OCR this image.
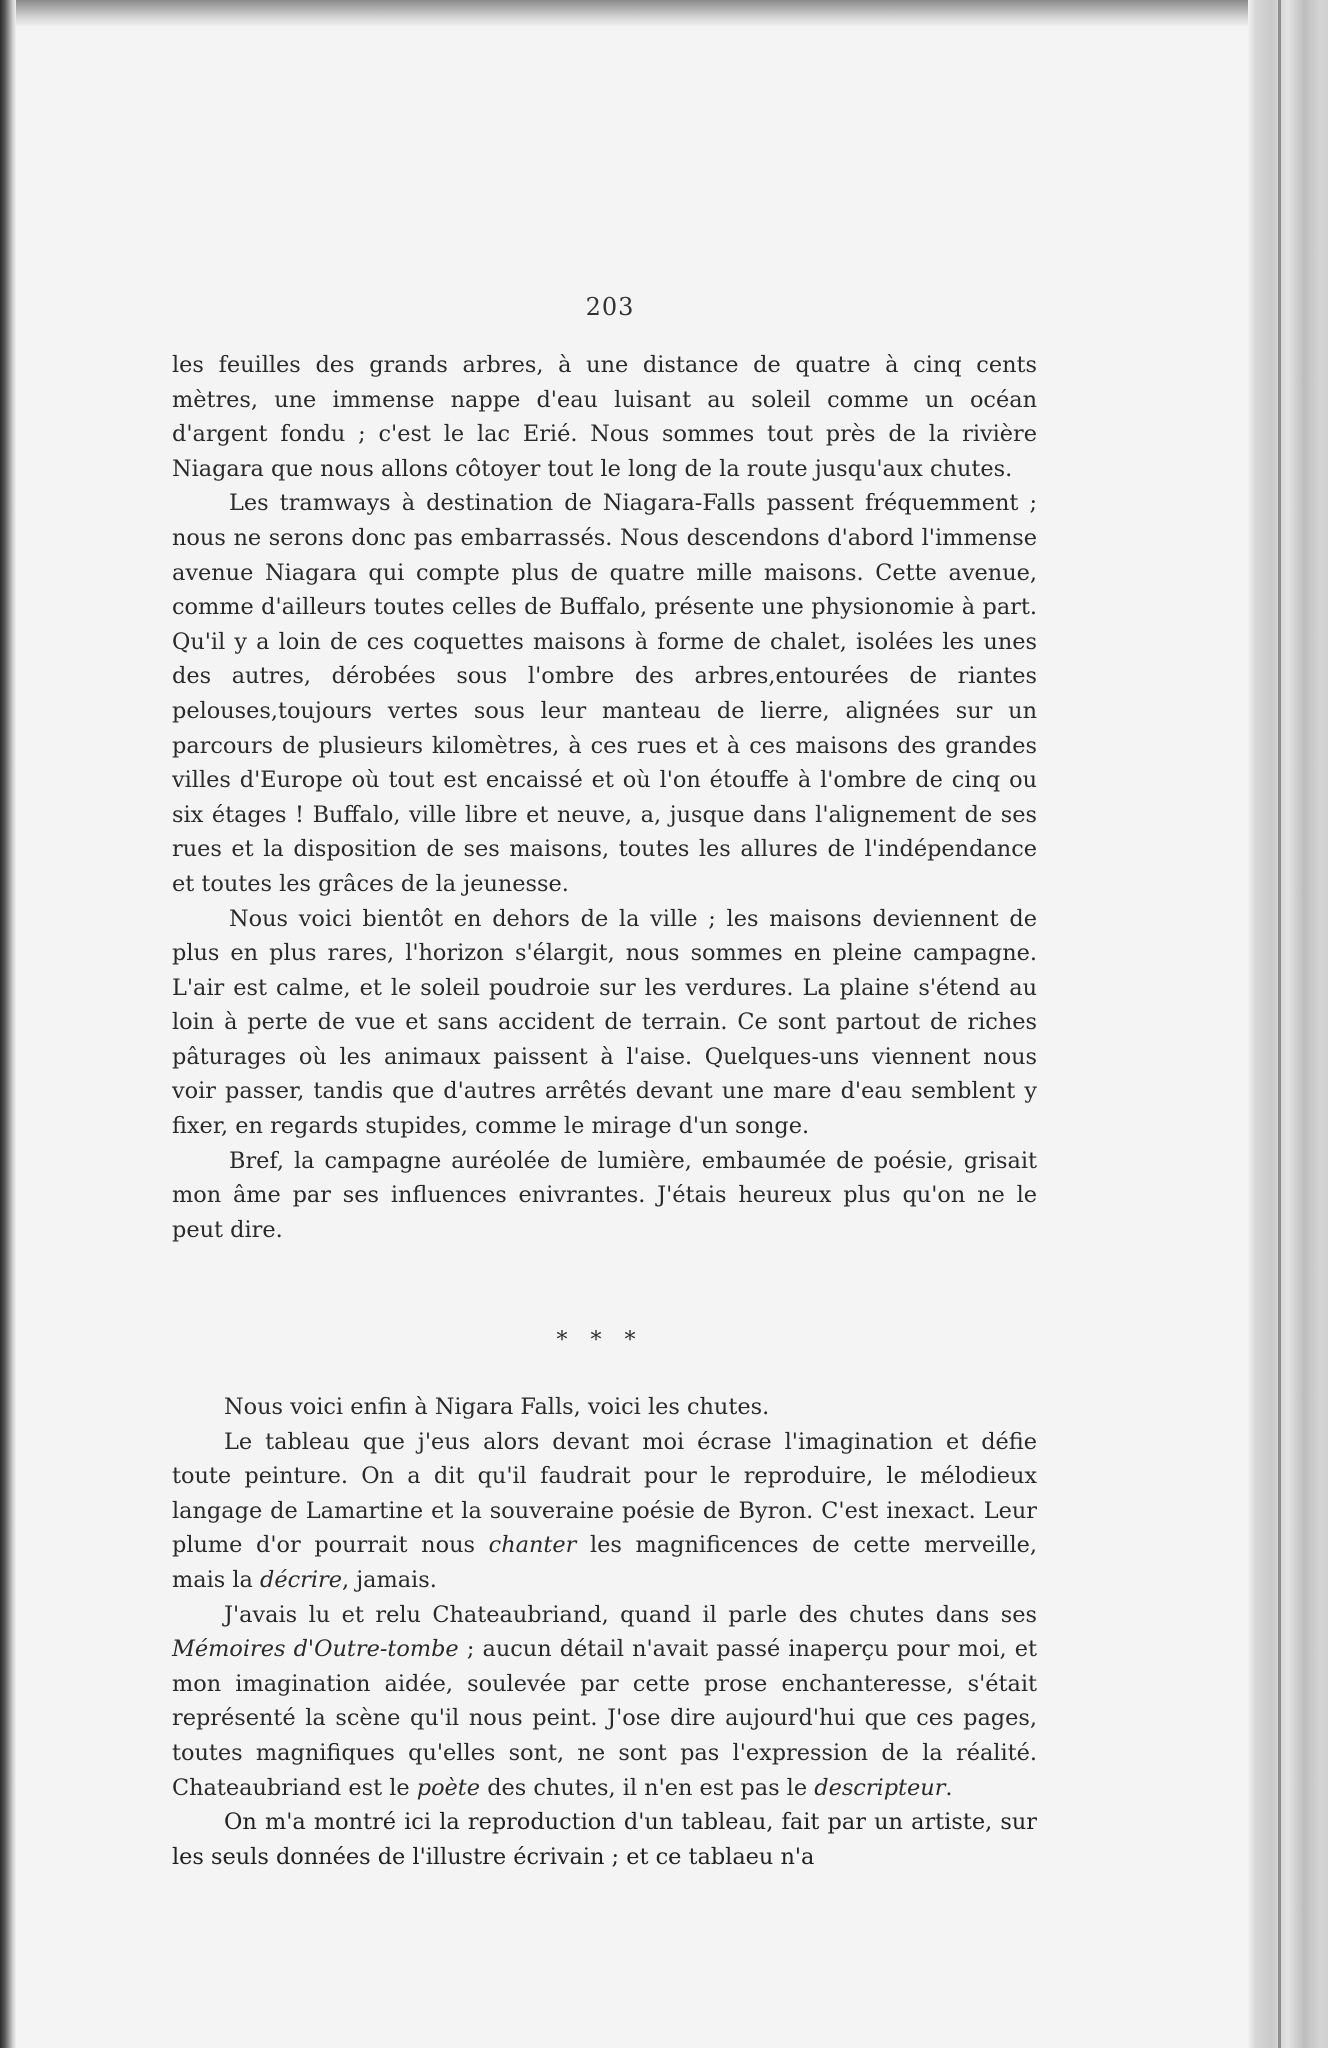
203

les feuilles des grands arbres, à une distance de quatre à cinq cents mètres, une immense nappe d'eau luisant au soleil comme un océan d'argent fondu ; c'est le lac Erié. Nous sommes tout près de la rivière Niagara que nous allons côtoyer tout le long de la route jusqu'aux chutes.

Les tramways à destination de Niagara-Falls passent fréquemment ; nous ne serons donc pas embarrassés. Nous descendons d'abord l'immense avenue Niagara qui compte plus de quatre mille maisons. Cette avenue, comme d'ailleurs toutes celles de Buffalo, présente une physionomie à part. Qu'il y a loin de ces coquettes maisons à forme de chalet, isolées les unes des autres, dérobées sous l'ombre des arbres,entourées de riantes pelouses,toujours vertes sous leur manteau de lierre, alignées sur un parcours de plusieurs kilomètres, à ces rues et à ces maisons des grandes villes d'Europe où tout est encaissé et où l'on étouffe à l'ombre de cinq ou six étages ! Buffalo, ville libre et neuve, a, jusque dans l'alignement de ses rues et la disposition de ses maisons, toutes les allures de l'indépendance et toutes les grâces de la jeunesse.

Nous voici bientôt en dehors de la ville ; les maisons deviennent de plus en plus rares, l'horizon s'élargit, nous sommes en pleine campagne. L'air est calme, et le soleil poudroie sur les verdures. La plaine s'étend au loin à perte de vue et sans accident de terrain. Ce sont partout de riches pâturages où les animaux paissent à l'aise. Quelques-uns viennent nous voir passer, tandis que d'autres arrêtés devant une mare d'eau semblent y fixer, en regards stupides, comme le mirage d'un songe.

Bref, la campagne auréolée de lumière, embaumée de poésie, grisait mon âme par ses influences enivrantes. J'étais heureux plus qu'on ne le peut dire.

* * *

Nous voici enfin à Nigara Falls, voici les chutes.

Le tableau que j'eus alors devant moi écrase l'imagination et défie toute peinture. On a dit qu'il faudrait pour le reproduire, le mélodieux langage de Lamartine et la souveraine poésie de Byron. C'est inexact. Leur plume d'or pourrait nous chanter les magnificences de cette merveille, mais la décrire, jamais.

J'avais lu et relu Chateaubriand, quand il parle des chutes dans ses Mémoires d'Outre-tombe ; aucun détail n'avait passé inaperçu pour moi, et mon imagination aidée, soulevée par cette prose enchanteresse, s'était représenté la scène qu'il nous peint. J'ose dire aujourd'hui que ces pages, toutes magnifiques qu'elles sont, ne sont pas l'expression de la réalité. Chateaubriand est le poète des chutes, il n'en est pas le descripteur.

On m'a montré ici la reproduction d'un tableau, fait par un artiste, sur les seuls données de l'illustre écrivain ; et ce tablaeu n'a
